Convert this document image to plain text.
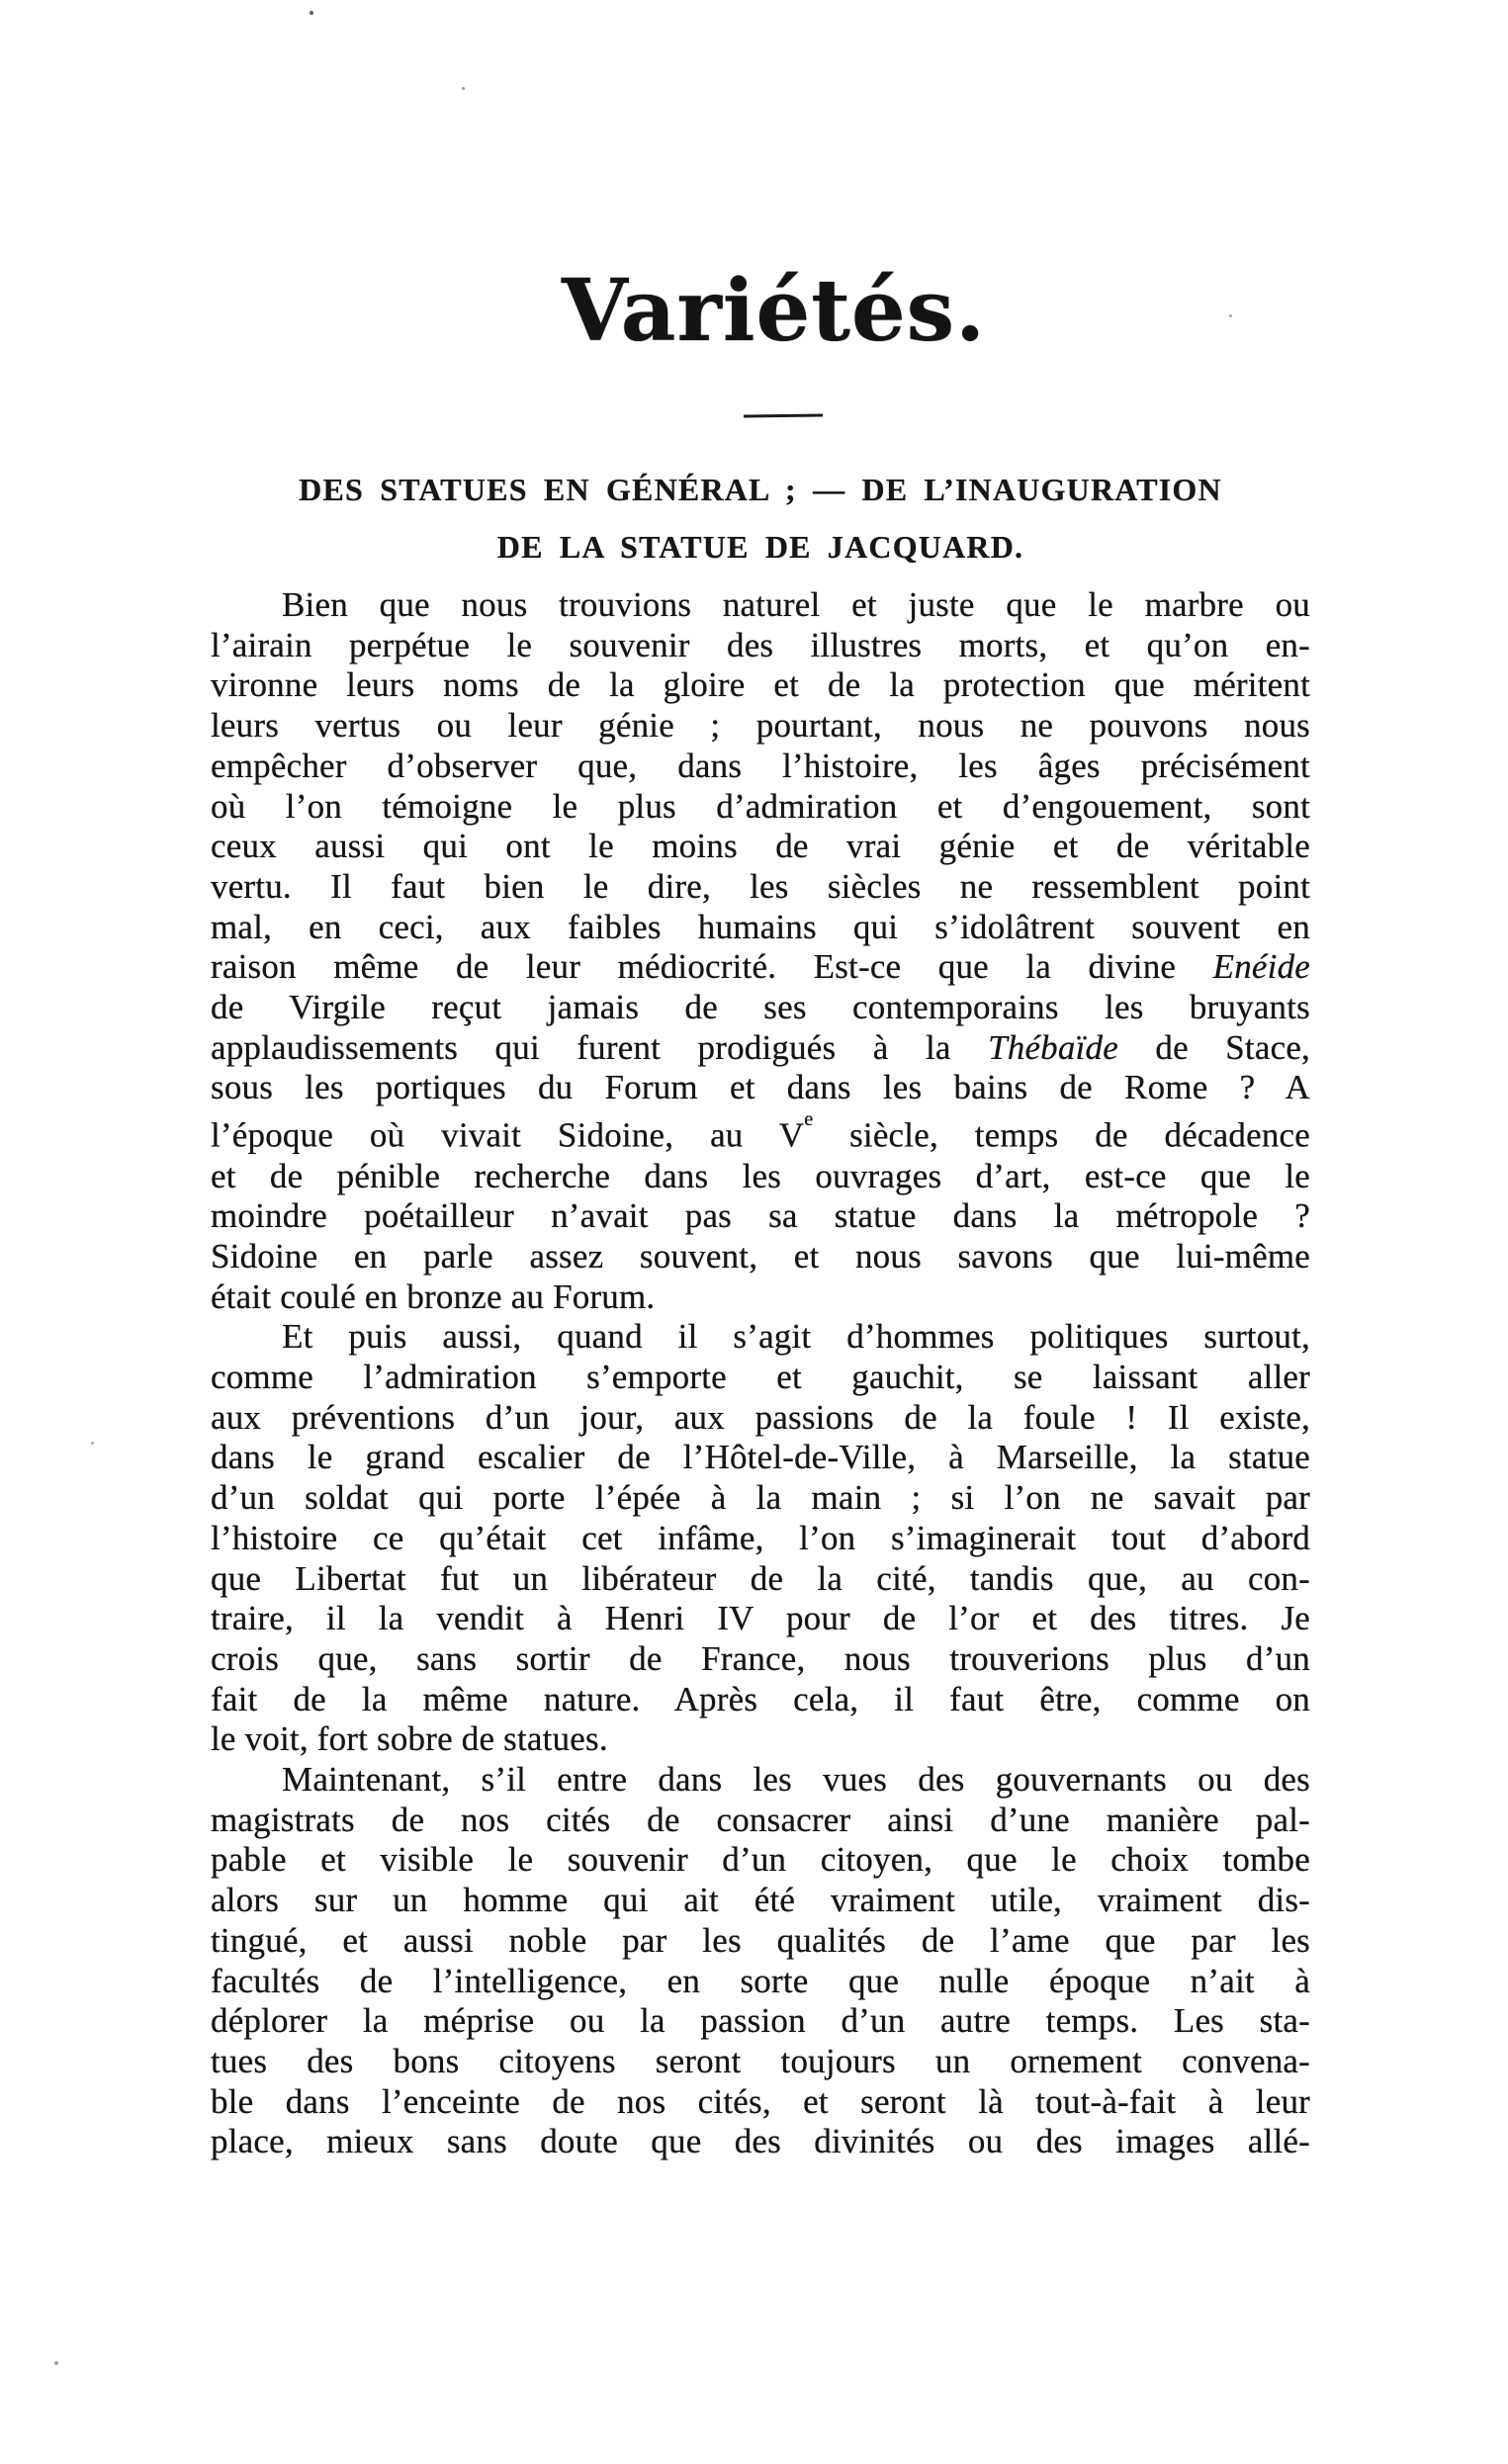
Variétés.
DES STATUES EN GÉNÉRAL ; — DE L’INAUGURATION
DE LA STATUE DE JACQUARD.
Bien que nous trouvions naturel et juste que le marbre ou
l’airain perpétue le souvenir des illustres morts, et qu’on en-
vironne leurs noms de la gloire et de la protection que méritent
leurs vertus ou leur génie ; pourtant, nous ne pouvons nous
empêcher d’observer que, dans l’histoire, les âges précisément
où l’on témoigne le plus d’admiration et d’engouement, sont
ceux aussi qui ont le moins de vrai génie et de véritable
vertu. Il faut bien le dire, les siècles ne ressemblent point
mal, en ceci, aux faibles humains qui s’idolâtrent souvent en
raison même de leur médiocrité. Est-ce que la divine Enéide
de Virgile reçut jamais de ses contemporains les bruyants
applaudissements qui furent prodigués à la Thébaïde de Stace,
sous les portiques du Forum et dans les bains de Rome ? A
l’époque où vivait Sidoine, au Ve siècle, temps de décadence
et de pénible recherche dans les ouvrages d’art, est-ce que le
moindre poétailleur n’avait pas sa statue dans la métropole ?
Sidoine en parle assez souvent, et nous savons que lui-même
était coulé en bronze au Forum.
Et puis aussi, quand il s’agit d’hommes politiques surtout,
comme l’admiration s’emporte et gauchit, se laissant aller
aux préventions d’un jour, aux passions de la foule ! Il existe,
dans le grand escalier de l’Hôtel-de-Ville, à Marseille, la statue
d’un soldat qui porte l’épée à la main ; si l’on ne savait par
l’histoire ce qu’était cet infâme, l’on s’imaginerait tout d’abord
que Libertat fut un libérateur de la cité, tandis que, au con-
traire, il la vendit à Henri IV pour de l’or et des titres. Je
crois que, sans sortir de France, nous trouverions plus d’un
fait de la même nature. Après cela, il faut être, comme on
le voit, fort sobre de statues.
Maintenant, s’il entre dans les vues des gouvernants ou des
magistrats de nos cités de consacrer ainsi d’une manière pal-
pable et visible le souvenir d’un citoyen, que le choix tombe
alors sur un homme qui ait été vraiment utile, vraiment dis-
tingué, et aussi noble par les qualités de l’ame que par les
facultés de l’intelligence, en sorte que nulle époque n’ait à
déplorer la méprise ou la passion d’un autre temps. Les sta-
tues des bons citoyens seront toujours un ornement convena-
ble dans l’enceinte de nos cités, et seront là tout-à-fait à leur
place, mieux sans doute que des divinités ou des images allé-
